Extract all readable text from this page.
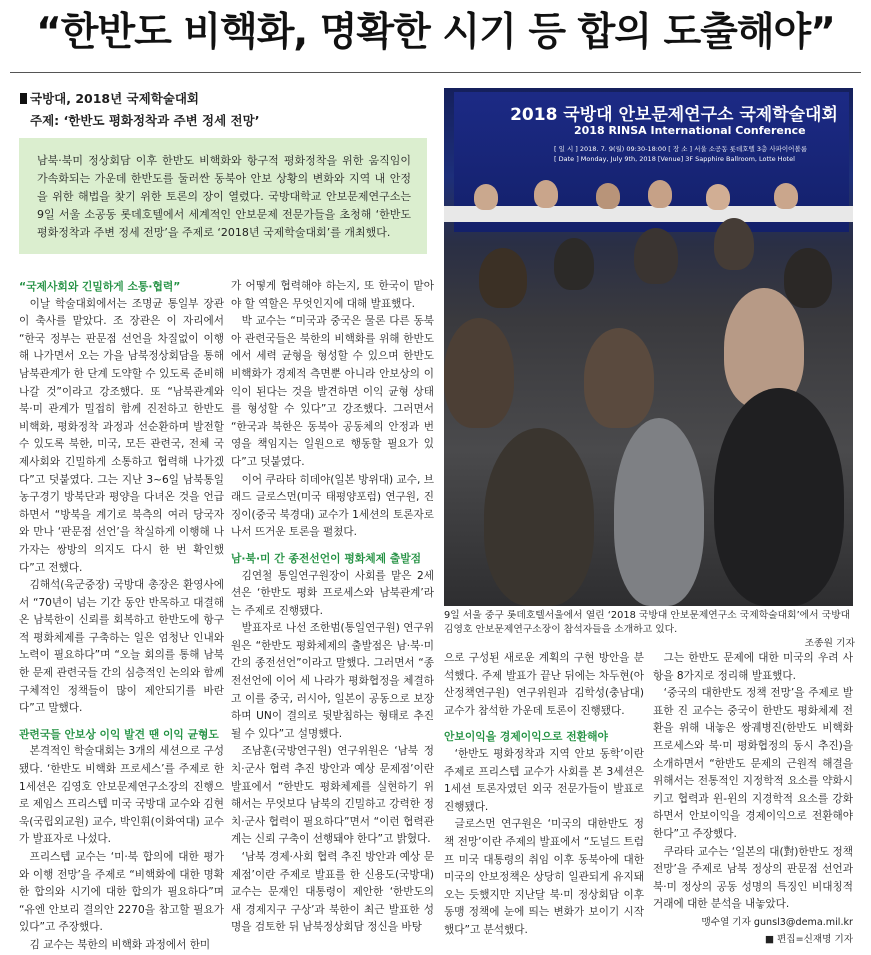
“한반도 비핵화, 명확한 시기 등 합의 도출해야”
국방대, 2018년 국제학술대회
주제: ‘한반도 평화정착과 주변 정세 전망’
남북·북미 정상회담 이후 한반도 비핵화와 항구적 평화정착을 위한 움직임이 가속화되는 가운데 한반도를 둘러싼 동북아 안보 상황의 변화와 지역 내 안정을 위한 해법을 찾기 위한 토론의 장이 열렸다. 국방대학교 안보문제연구소는 9일 서울 소공동 롯데호텔에서 세계적인 안보문제 전문가들을 초청해 ‘한반도 평화정착과 주변 정세 전망’을 주제로 ‘2018년 국제학술대회’를 개최했다.
2018 국방대 안보문제연구소 국제학술대회
2018 RINSA International Conference
[ 일 시 ] 2018. 7. 9(월) 09:30-18:00 [ 장 소 ] 서울 소공동 롯데호텔 3층 사파이어볼룸
[ Date ] Monday, July 9th, 2018 [Venue] 3F Sapphire Ballroom, Lotte Hotel
9일 서울 중구 롯데호텔서울에서 열린 ‘2018 국방대 안보문제연구소 국제학술대회’에서 국방대 김영호 안보문제연구소장이 참석자들을 소개하고 있다.
조종원 기자
“국제사회와 긴밀하게 소통·협력”

이날 학술대회에서는 조명균 통일부 장관이 축사를 맡았다. 조 장관은 이 자리에서 “한국 정부는 판문점 선언을 차질없이 이행해 나가면서 오는 가을 남북정상회담을 통해 남북관계가 한 단계 도약할 수 있도록 준비해 나갈 것”이라고 강조했다. 또 “남북관계와 북·미 관계가 밀접히 함께 진전하고 한반도 비핵화, 평화정착 과정과 선순환하며 발전할 수 있도록 북한, 미국, 모든 관련국, 전체 국제사회와 긴밀하게 소통하고 협력해 나가겠다”고 덧붙였다. 그는 지난 3~6일 남북통일농구경기 방북단과 평양을 다녀온 것을 언급하면서 “방북을 계기로 북측의 여러 당국자와 만나 ‘판문점 선언’을 착실하게 이행해 나가자는 쌍방의 의지도 다시 한 번 확인했다”고 전했다.

김해석(육군중장) 국방대 총장은 환영사에서 “70년이 넘는 기간 동안 반목하고 대결해온 남북한이 신뢰를 회복하고 한반도에 항구적 평화체제를 구축하는 일은 엄청난 인내와 노력이 필요하다”며 “오늘 회의를 통해 남북한 문제 관련국들 간의 심층적인 논의와 함께 구체적인 정책들이 많이 제안되기를 바란다”고 말했다.

관련국들 안보상 이익 발견 땐 이익 균형도

본격적인 학술대회는 3개의 세션으로 구성됐다. ‘한반도 비핵화 프로세스’를 주제로 한 1세션은 김영호 안보문제연구소장의 진행으로 제임스 프리스텝 미국 국방대 교수와 김현욱(국립외교원) 교수, 박인휘(이화여대) 교수가 발표자로 나섰다.

프리스텝 교수는 ‘미·북 합의에 대한 평가와 이행 전망’을 주제로 “비핵화에 대한 명확한 합의와 시기에 대한 합의가 필요하다”며 “유엔 안보리 결의안 2270을 참고할 필요가 있다”고 주장했다.

김 교수는 북한의 비핵화 과정에서 한미

가 어떻게 협력해야 하는지, 또 한국이 맡아야 할 역할은 무엇인지에 대해 발표했다.

박 교수는 “미국과 중국은 물론 다른 동북아 관련국들은 북한의 비핵화를 위해 한반도에서 세력 균형을 형성할 수 있으며 한반도 비핵화가 경제적 측면뿐 아니라 안보상의 이익이 된다는 것을 발견하면 이익 균형 상태를 형성할 수 있다”고 강조했다. 그러면서 “한국과 북한은 동북아 공동체의 안정과 번영을 책임지는 일원으로 행동할 필요가 있다”고 덧붙였다.

이어 쿠라타 히데야(일본 방위대) 교수, 브래드 글로스먼(미국 태평양포럼) 연구원, 진징이(중국 북경대) 교수가 1세션의 토론자로 나서 뜨거운 토론을 펼쳤다.

남·북·미 간 종전선언이 평화체제 출발점

김연철 통일연구원장이 사회를 맡은 2세션은 ‘한반도 평화 프로세스와 남북관계’라는 주제로 진행됐다.

발표자로 나선 조한범(통일연구원) 연구위원은 “한반도 평화체제의 출발점은 남·북·미 간의 종전선언”이라고 말했다. 그러면서 “종전선언에 이어 세 나라가 평화협정을 체결하고 이를 중국, 러시아, 일본이 공동으로 보장하며 UN이 결의로 뒷받침하는 형태로 추진될 수 있다”고 설명했다.

조남훈(국방연구원) 연구위원은 ‘남북 정치·군사 협력 추진 방안과 예상 문제점’이란 발표에서 “한반도 평화체제를 실현하기 위해서는 무엇보다 남북의 긴밀하고 강력한 정치·군사 협력이 필요하다”면서 “이런 협력관계는 신뢰 구축이 선행돼야 한다”고 밝혔다.

‘남북 경제·사회 협력 추진 방안과 예상 문제점’이란 주제로 발표를 한 신용도(국방대) 교수는 문재인 대통령이 제안한 ‘한반도의 새 경제지구 구상’과 북한이 최근 발표한 성명을 검토한 뒤 남북정상회담 정신을 바탕

으로 구성된 새로운 계획의 구현 방안을 분석했다. 주제 발표가 끝난 뒤에는 차두현(아산정책연구원) 연구위원과 김학성(충남대) 교수가 참석한 가운데 토론이 진행됐다.

안보이익을 경제이익으로 전환해야

‘한반도 평화정착과 지역 안보 동학’이란 주제로 프리스텝 교수가 사회를 본 3세션은 1세션 토론자였던 외국 전문가들이 발표로 진행됐다.

글로스먼 연구원은 ‘미국의 대한반도 정책 전망’이란 주제의 발표에서 “도널드 트럼프 미국 대통령의 취임 이후 동북아에 대한 미국의 안보정책은 상당히 일관되게 유지돼 오는 듯했지만 지난달 북·미 정상회담 이후 동맹 정책에 눈에 띄는 변화가 보이기 시작했다”고 분석했다.

그는 한반도 문제에 대한 미국의 우려 사항을 8가지로 정리해 발표했다.

‘중국의 대한반도 정책 전망’을 주제로 발표한 진 교수는 중국이 한반도 평화체제 전환을 위해 내놓은 쌍궤병진(한반도 비핵화 프로세스와 북·미 평화협정의 동시 추진)을 소개하면서 “한반도 문제의 근원적 해결을 위해서는 전통적인 지정학적 요소를 약화시키고 협력과 윈-윈의 지경학적 요소를 강화하면서 안보이익을 경제이익으로 전환해야 한다”고 주장했다.

쿠라타 교수는 ‘일본의 대(對)한반도 정책 전망’을 주제로 남북 정상의 판문점 선언과 북·미 정상의 공동 성명의 특징인 비대칭적 거래에 대한 분석을 내놓았다.

맹수열 기자 gunsl3@dema.mil.kr
■ 편집=신재명 기자
